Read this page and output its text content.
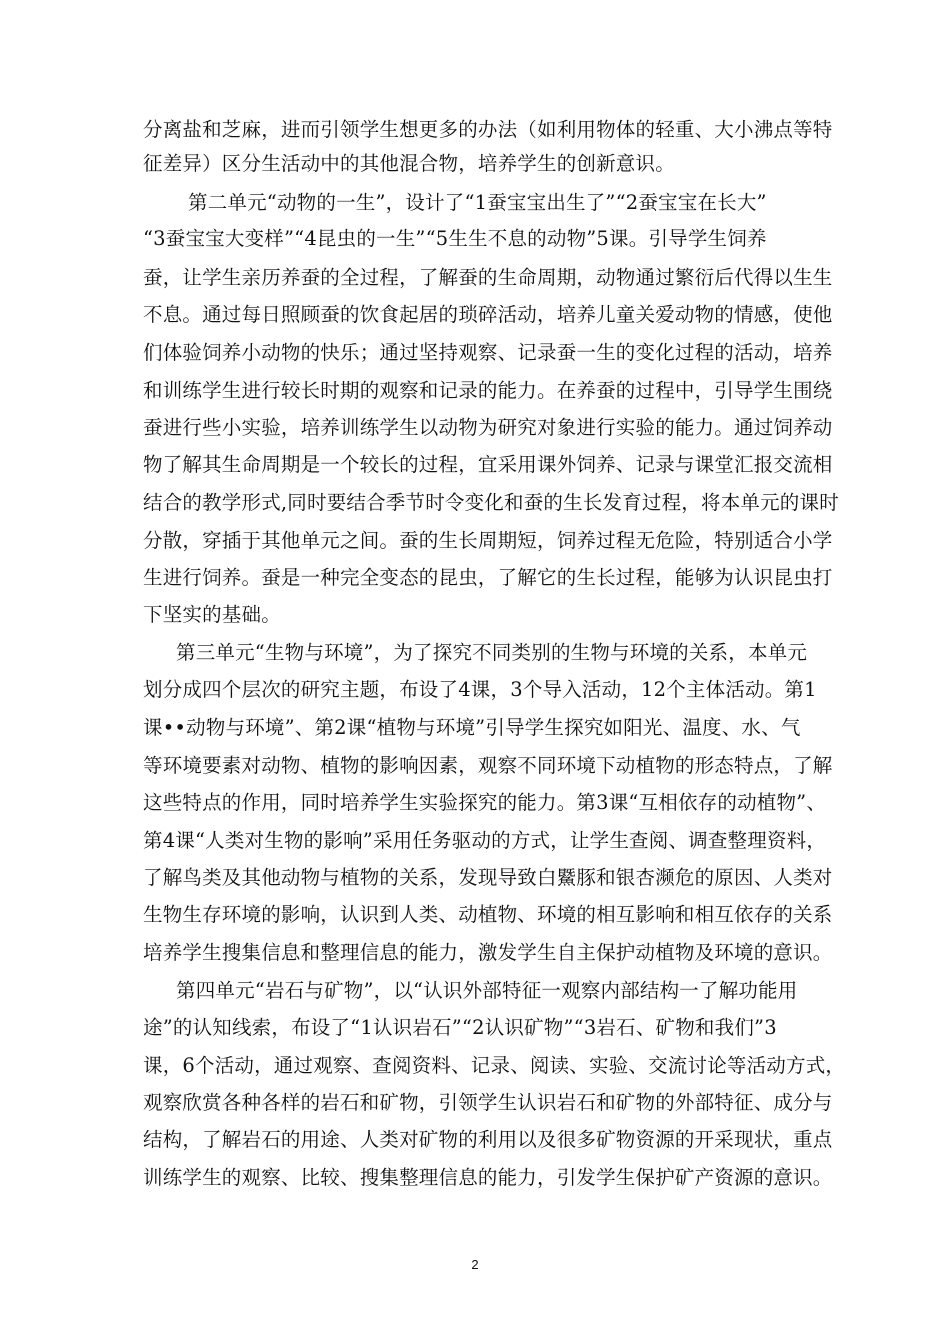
分离盐和芝麻，进而引领学生想更多的办法（如利用物体的轻重、大小沸点等特
征差异）区分生活动中的其他混合物，培养学生的创新意识。
第二单元“动物的一生”，设计了“1蚕宝宝出生了”“2蚕宝宝在长大”
“3蚕宝宝大变样”“4昆虫的一生”“5生生不息的动物”5课。引导学生饲养
蚕，让学生亲历养蚕的全过程，了解蚕的生命周期，动物通过繁衍后代得以生生
不息。通过每日照顾蚕的饮食起居的琐碎活动，培养儿童关爱动物的情感，使他
们体验饲养小动物的快乐；通过坚持观察、记录蚕一生的变化过程的活动，培养
和训练学生进行较长时期的观察和记录的能力。在养蚕的过程中，引导学生围绕
蚕进行些小实验，培养训练学生以动物为研究对象进行实验的能力。通过饲养动
物了解其生命周期是一个较长的过程，宜采用课外饲养、记录与课堂汇报交流相
结合的教学形式,同时要结合季节时令变化和蚕的生长发育过程，将本单元的课时
分散，穿插于其他单元之间。蚕的生长周期短，饲养过程无危险，特别适合小学
生进行饲养。蚕是一种完全变态的昆虫，了解它的生长过程，能够为认识昆虫打
下坚实的基础。
第三单元“生物与环境”，为了探究不同类别的生物与环境的关系，本单元
划分成四个层次的研究主题，布设了4课，3个导入活动，12个主体活动。第1
课••动物与环境”、第2课“植物与环境”引导学生探究如阳光、温度、水、气
等环境要素对动物、植物的影响因素，观察不同环境下动植物的形态特点，了解
这些特点的作用，同时培养学生实验探究的能力。第3课“互相依存的动植物”、
第4课“人类对生物的影响”采用任务驱动的方式，让学生查阅、调查整理资料，
了解鸟类及其他动物与植物的关系，发现导致白鱀豚和银杏濒危的原因、人类对
生物生存环境的影响，认识到人类、动植物、环境的相互影响和相互依存的关系
培养学生搜集信息和整理信息的能力，激发学生自主保护动植物及环境的意识。
第四单元“岩石与矿物”，以“认识外部特征一观察内部结构一了解功能用
途”的认知线索，布设了“1认识岩石”“2认识矿物”“3岩石、矿物和我们”3
课，6个活动，通过观察、查阅资料、记录、阅读、实验、交流讨论等活动方式，
观察欣赏各种各样的岩石和矿物，引领学生认识岩石和矿物的外部特征、成分与
结构，了解岩石的用途、人类对矿物的利用以及很多矿物资源的开采现状，重点
训练学生的观察、比较、搜集整理信息的能力，引发学生保护矿产资源的意识。
2
